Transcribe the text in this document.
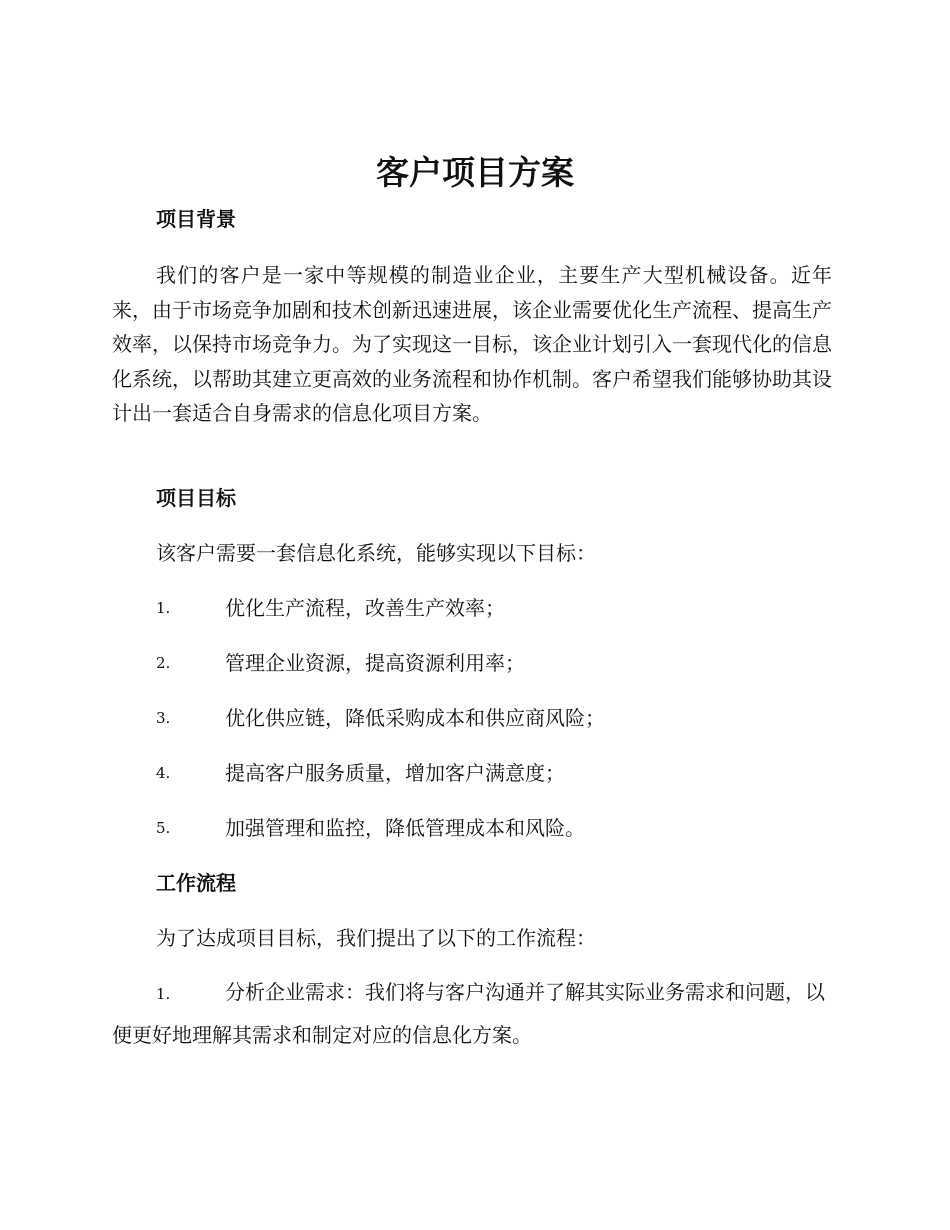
客户项目方案
项目背景

我们的客户是一家中等规模的制造业企业，主要生产大型机械设备。近年来，由于市场竞争加剧和技术创新迅速进展，该企业需要优化生产流程、提高生产效率，以保持市场竞争力。为了实现这一目标，该企业计划引入一套现代化的信息化系统，以帮助其建立更高效的业务流程和协作机制。客户希望我们能够协助其设计出一套适合自身需求的信息化项目方案。

项目目标

该客户需要一套信息化系统，能够实现以下目标：

1.	优化生产流程，改善生产效率；
2.	管理企业资源，提高资源利用率；
3.	优化供应链，降低采购成本和供应商风险；
4.	提高客户服务质量，增加客户满意度；
5.	加强管理和监控，降低管理成本和风险。
工作流程

为了达成项目目标，我们提出了以下的工作流程：

1.	分析企业需求：我们将与客户沟通并了解其实际业务需求和问题，以便更好地理解其需求和制定对应的信息化方案。
